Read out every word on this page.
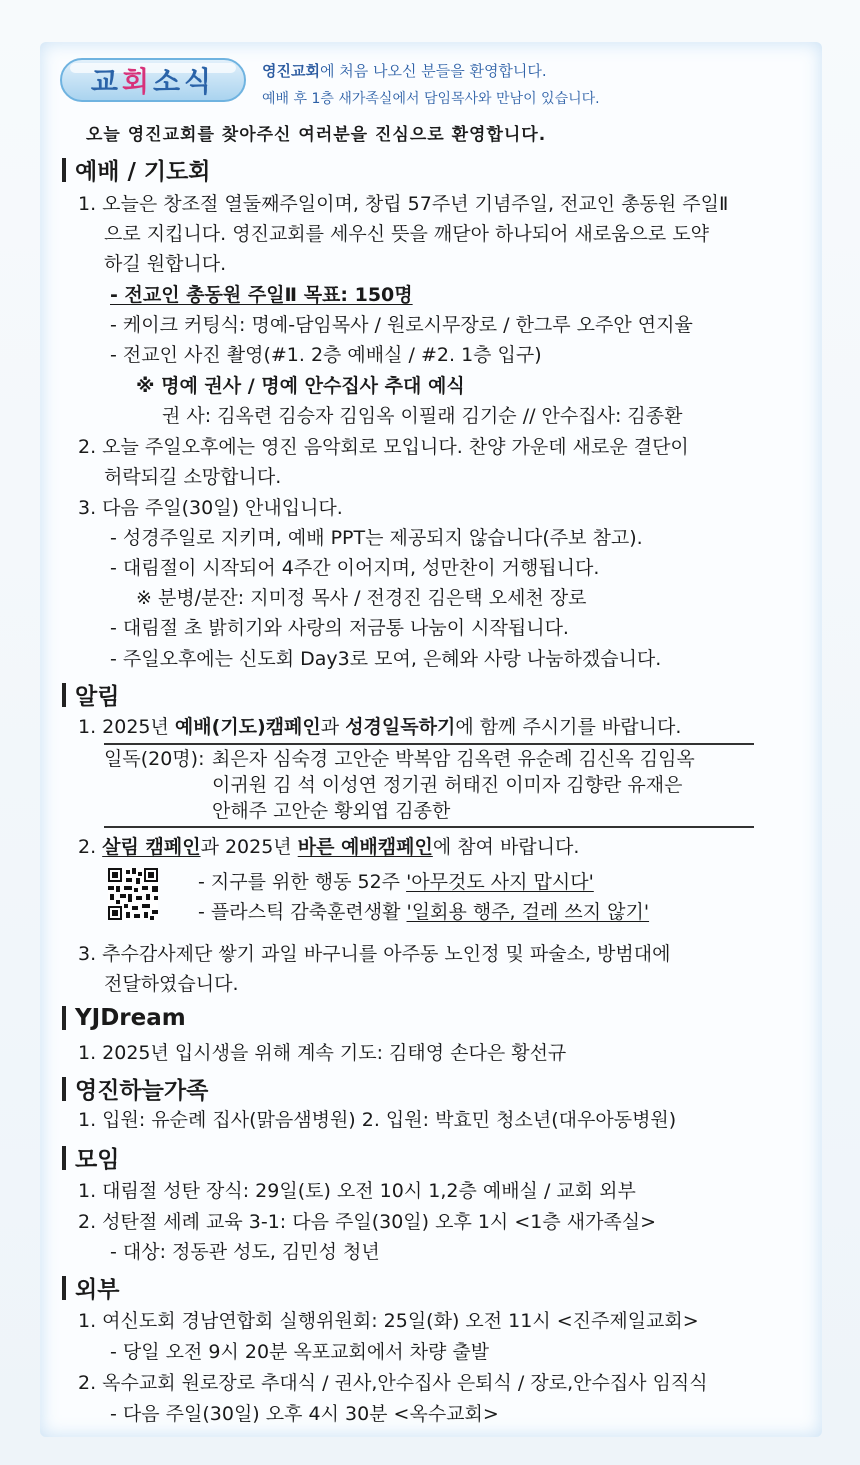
교 회 소식	영진교회에 처음 나오신 분들을 환영합니다.
예배 후 1층 새가족실에서 담임목사와 만남이 있습니다.
오늘 영진교회를 찾아주신 여러분을 진심으로 환영합니다.
예배 / 기도회
1. 오늘은 창조절 열둘째주일이며, 창립 57주년 기념주일, 전교인 총동원 주일Ⅱ
으로 지킵니다. 영진교회를 세우신 뜻을 깨닫아 하나되어 새로움으로 도약
하길 원합니다.
- 전교인 총동원 주일Ⅱ 목표: 150명
- 케이크 커팅식: 명예-담임목사 / 원로시무장로 / 한그루 오주안 연지율
- 전교인 사진 촬영(#1. 2층 예배실 / #2. 1층 입구)
※ 명예 권사 / 명예 안수집사 추대 예식
권 사: 김옥련 김승자 김임옥 이필래 김기순 // 안수집사: 김종환
2. 오늘 주일오후에는 영진 음악회로 모입니다. 찬양 가운데 새로운 결단이
허락되길 소망합니다.
3. 다음 주일(30일) 안내입니다.
- 성경주일로 지키며, 예배 PPT는 제공되지 않습니다(주보 참고).
- 대림절이 시작되어 4주간 이어지며, 성만찬이 거행됩니다.
※ 분병/분잔: 지미정 목사 / 전경진 김은택 오세천 장로
- 대림절 초 밝히기와 사랑의 저금통 나눔이 시작됩니다.
- 주일오후에는 신도회 Day3로 모여, 은혜와 사랑 나눔하겠습니다.
알림
1. 2025년 예배(기도)캠페인과 성경일독하기에 함께 주시기를 바랍니다.
일독(20명): 최은자 심숙경 고안순 박복암 김옥련 유순례 김신옥 김임옥
이귀원 김 석 이성연 정기권 허태진 이미자 김향란 유재은
안해주 고안순 황외엽 김종한
2. 살림 캠페인과 2025년 바른 예배캠페인에 참여 바랍니다.
- 지구를 위한 행동 52주 '아무것도 사지 맙시다'
- 플라스틱 감축훈련생활 '일회용 행주, 걸레 쓰지 않기'
3. 추수감사제단 쌓기 과일 바구니를 아주동 노인정 및 파술소, 방범대에
전달하였습니다.
YJDream
1. 2025년 입시생을 위해 계속 기도: 김태영 손다은 황선규
영진하늘가족
1. 입원: 유순례 집사(맑음샘병원) 2. 입원: 박효민 청소년(대우아동병원)
모임
1. 대림절 성탄 장식: 29일(토) 오전 10시 1,2층 예배실 / 교회 외부
2. 성탄절 세례 교육 3-1: 다음 주일(30일) 오후 1시 <1층 새가족실>
- 대상: 정동관 성도, 김민성 청년
외부
1. 여신도회 경남연합회 실행위원회: 25일(화) 오전 11시 <진주제일교회>
- 당일 오전 9시 20분 옥포교회에서 차량 출발
2. 옥수교회 원로장로 추대식 / 권사,안수집사 은퇴식 / 장로,안수집사 임직식
- 다음 주일(30일) 오후 4시 30분 <옥수교회>
